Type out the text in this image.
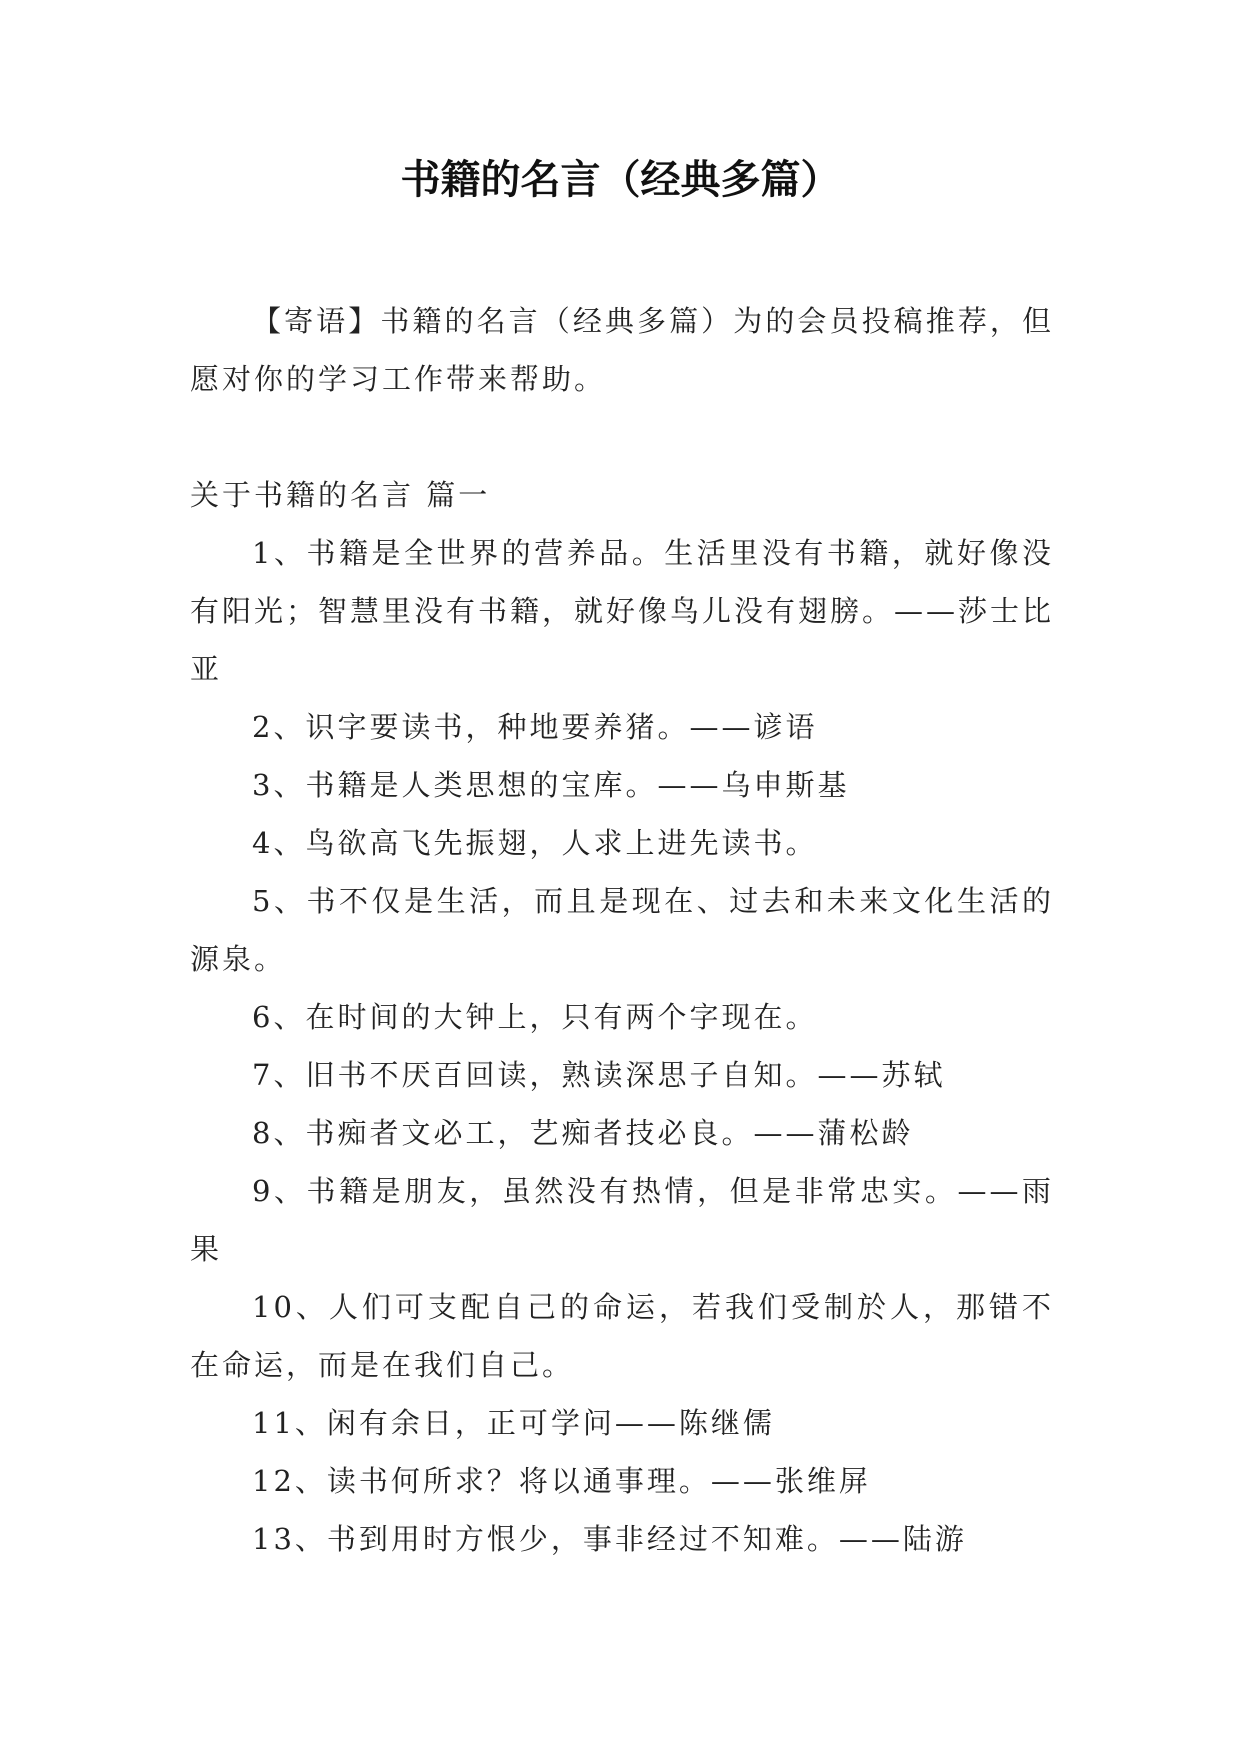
书籍的名言（经典多篇）

【寄语】书籍的名言（经典多篇）为的会员投稿推荐，但愿对你的学习工作带来帮助。

关于书籍的名言 篇一

1、书籍是全世界的营养品。生活里没有书籍，就好像没有阳光；智慧里没有书籍，就好像鸟儿没有翅膀。——莎士比亚

2、识字要读书，种地要养猪。——谚语

3、书籍是人类思想的宝库。——乌申斯基

4、鸟欲高飞先振翅，人求上进先读书。

5、书不仅是生活，而且是现在、过去和未来文化生活的源泉。

6、在时间的大钟上，只有两个字现在。

7、旧书不厌百回读，熟读深思子自知。——苏轼

8、书痴者文必工，艺痴者技必良。——蒲松龄

9、书籍是朋友，虽然没有热情，但是非常忠实。——雨果

10、人们可支配自己的命运，若我们受制於人，那错不在命运，而是在我们自己。

11、闲有余日，正可学问——陈继儒

12、读书何所求？将以通事理。——张维屏

13、书到用时方恨少，事非经过不知难。——陆游
